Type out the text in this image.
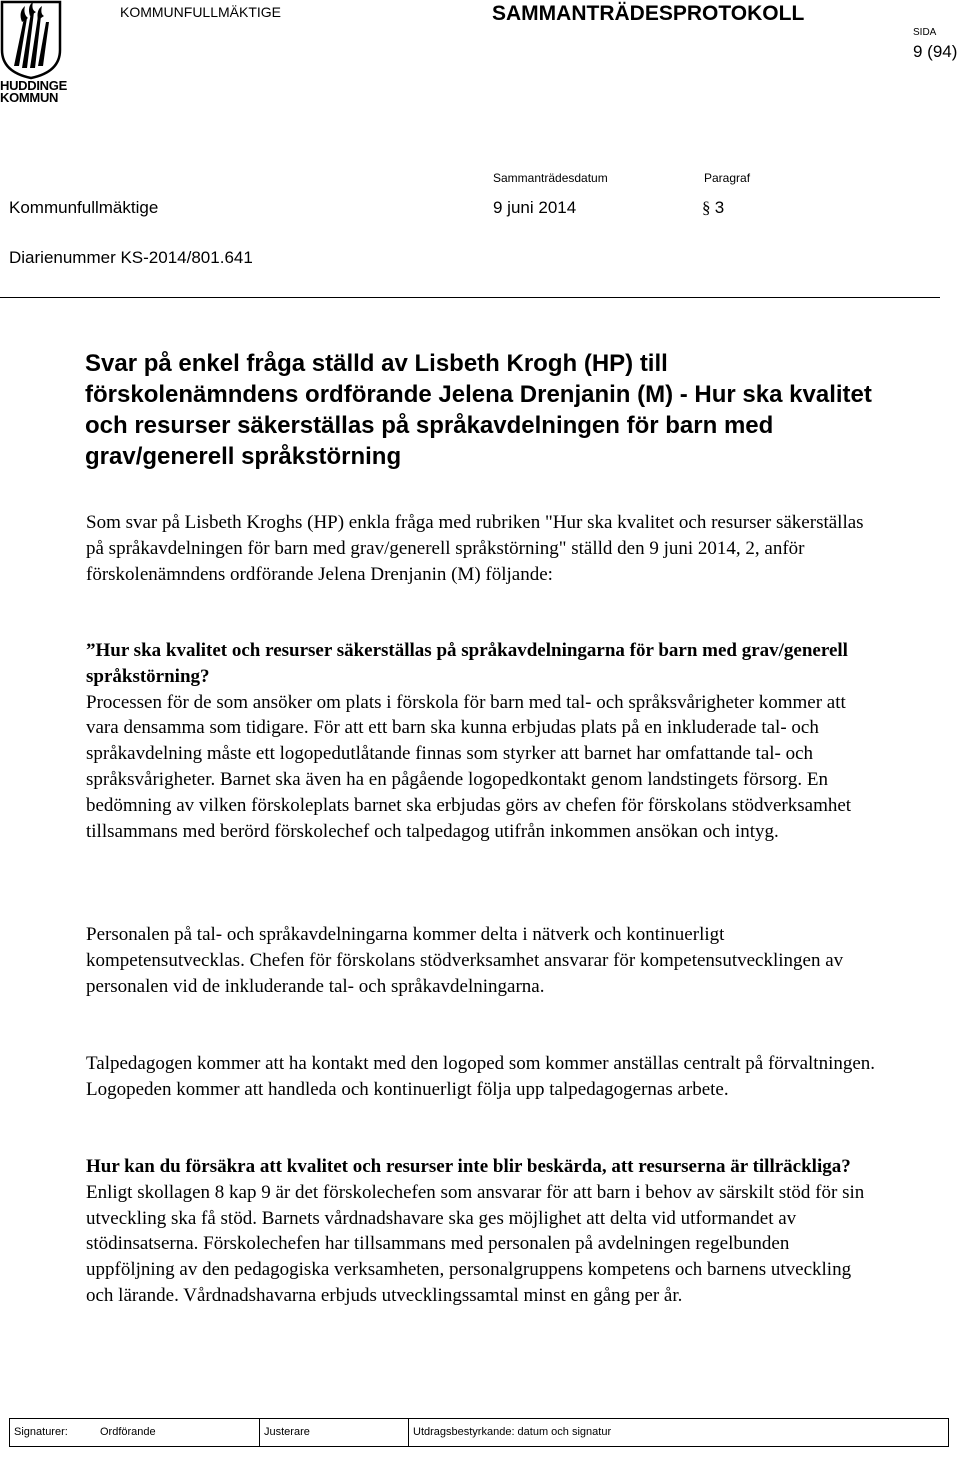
HUDDINGE
KOMMUN
KOMMUNFULLMÄKTIGE	SAMMANTRÄDESPROTOKOLL
SIDA
9 (94)
Sammanträdesdatum	Paragraf
Kommunfullmäktige	9 juni 2014	§ 3
Diarienummer KS-2014/801.641
Svar på enkel fråga ställd av Lisbeth Krogh (HP) till förskolenämndens ordförande Jelena Drenjanin (M) - Hur ska kvalitet och resurser säkerställas på språkavdelningen för barn med grav/generell språkstörning

Som svar på Lisbeth Kroghs (HP) enkla fråga med rubriken "Hur ska kvalitet och resurser säkerställas på språkavdelningen för barn med grav/generell språkstörning" ställd den 9 juni 2014, 2, anför förskolenämndens ordförande Jelena Drenjanin (M) följande:

”Hur ska kvalitet och resurser säkerställas på språkavdelningarna för barn med grav/generell språkstörning?

Processen för de som ansöker om plats i förskola för barn med tal- och språksvårigheter kommer att vara densamma som tidigare. För att ett barn ska kunna erbjudas plats på en inkluderade tal- och språkavdelning måste ett logopedutlåtande finnas som styrker att barnet har omfattande tal- och språksvårigheter. Barnet ska även ha en pågående logopedkontakt genom landstingets försorg. En bedömning av vilken förskoleplats barnet ska erbjudas görs av chefen för förskolans stödverksamhet tillsammans med berörd förskolechef och talpedagog utifrån inkommen ansökan och intyg.

Personalen på tal- och språkavdelningarna kommer delta i nätverk och kontinuerligt kompetensutvecklas. Chefen för förskolans stödverksamhet ansvarar för kompetensutvecklingen av personalen vid de inkluderande tal- och språkavdelningarna.

Talpedagogen kommer att ha kontakt med den logoped som kommer anställas centralt på förvaltningen. Logopeden kommer att handleda och kontinuerligt följa upp talpedagogernas arbete.

Hur kan du försäkra att kvalitet och resurser inte blir beskärda, att resurserna är tillräckliga?

Enligt skollagen 8 kap 9 är det förskolechefen som ansvarar för att barn i behov av särskilt stöd för sin utveckling ska få stöd. Barnets vårdnadshavare ska ges möjlighet att delta vid utformandet av stödinsatserna. Förskolechefen har tillsammans med personalen på avdelningen regelbunden uppföljning av den pedagogiska verksamheten, personalgruppens kompetens och barnens utveckling och lärande. Vårdnadshavarna erbjuds utvecklingssamtal minst en gång per år.

Signaturer:	Ordförande	Justerare	Utdragsbestyrkande: datum och signatur
